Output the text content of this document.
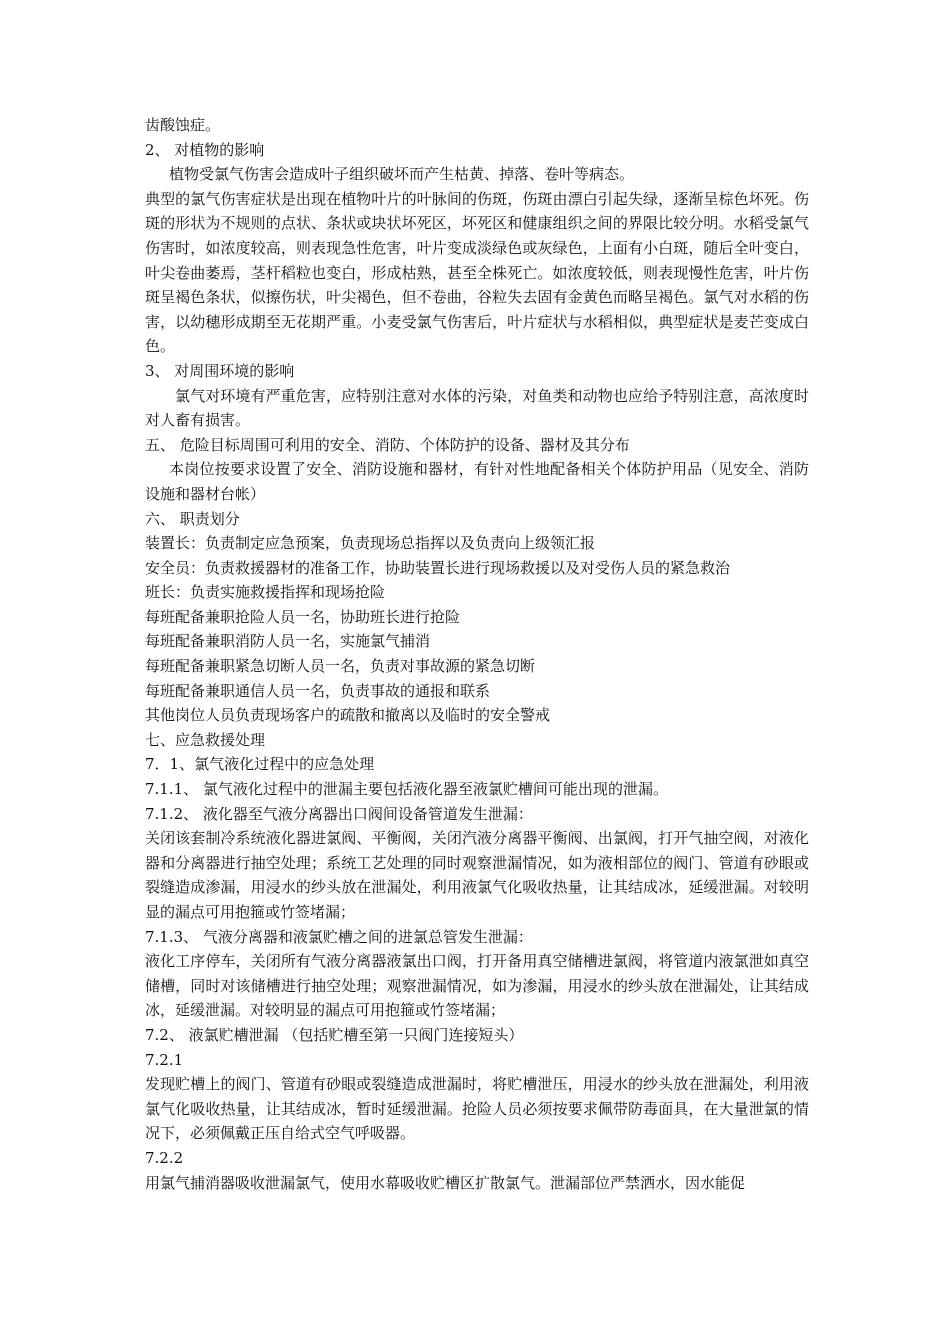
齿酸蚀症。

2、 对植物的影响

植物受氯气伤害会造成叶子组织破坏而产生枯黄、掉落、卷叶等病态。

典型的氯气伤害症状是出现在植物叶片的叶脉间的伤斑，伤斑由漂白引起失绿，逐渐呈棕色坏死。伤斑的形状为不规则的点状、条状或块状坏死区，坏死区和健康组织之间的界限比较分明。水稻受氯气伤害时，如浓度较高，则表现急性危害，叶片变成淡绿色或灰绿色，上面有小白斑，随后全叶变白，叶尖卷曲萎焉，茎杆稻粒也变白，形成枯熟，甚至全株死亡。如浓度较低，则表现慢性危害，叶片伤斑呈褐色条状，似擦伤状，叶尖褐色，但不卷曲，谷粒失去固有金黄色而略呈褐色。氯气对水稻的伤害，以幼穗形成期至无花期严重。小麦受氯气伤害后，叶片症状与水稻相似，典型症状是麦芒变成白色。

3、 对周围环境的影响

氯气对环境有严重危害，应特别注意对水体的污染，对鱼类和动物也应给予特别注意，高浓度时对人畜有损害。

五、 危险目标周围可利用的安全、消防、个体防护的设备、器材及其分布

本岗位按要求设置了安全、消防设施和器材，有针对性地配备相关个体防护用品（见安全、消防设施和器材台帐）

六、 职责划分

装置长：负责制定应急预案，负责现场总指挥以及负责向上级领汇报

安全员：负责救援器材的准备工作，协助装置长进行现场救援以及对受伤人员的紧急救治

班长：负责实施救援指挥和现场抢险

每班配备兼职抢险人员一名，协助班长进行抢险

每班配备兼职消防人员一名，实施氯气捕消

每班配备兼职紧急切断人员一名，负责对事故源的紧急切断

每班配备兼职通信人员一名，负责事故的通报和联系

其他岗位人员负责现场客户的疏散和撤离以及临时的安全警戒

七、应急救援处理

7．1、氯气液化过程中的应急处理

7.1.1、 氯气液化过程中的泄漏主要包括液化器至液氯贮槽间可能出现的泄漏。

7.1.2、 液化器至气液分离器出口阀间设备管道发生泄漏：

关闭该套制冷系统液化器进氯阀、平衡阀，关闭汽液分离器平衡阀、出氯阀，打开气抽空阀，对液化器和分离器进行抽空处理；系统工艺处理的同时观察泄漏情况，如为液相部位的阀门、管道有砂眼或裂缝造成渗漏，用浸水的纱头放在泄漏处，利用液氯气化吸收热量，让其结成冰，延缓泄漏。对较明显的漏点可用抱箍或竹签堵漏；

7.1.3、 气液分离器和液氯贮槽之间的进氯总管发生泄漏：

液化工序停车，关闭所有气液分离器液氯出口阀，打开备用真空储槽进氯阀，将管道内液氯泄如真空储槽，同时对该储槽进行抽空处理；观察泄漏情况，如为渗漏，用浸水的纱头放在泄漏处，让其结成冰，延缓泄漏。对较明显的漏点可用抱箍或竹签堵漏；

7.2、 液氯贮槽泄漏 （包括贮槽至第一只阀门连接短头）

7.2.1

发现贮槽上的阀门、管道有砂眼或裂缝造成泄漏时，将贮槽泄压，用浸水的纱头放在泄漏处，利用液氯气化吸收热量，让其结成冰，暂时延缓泄漏。抢险人员必须按要求佩带防毒面具，在大量泄氯的情况下，必须佩戴正压自给式空气呼吸器。

7.2.2

用氯气捕消器吸收泄漏氯气，使用水幕吸收贮槽区扩散氯气。泄漏部位严禁洒水，因水能促
